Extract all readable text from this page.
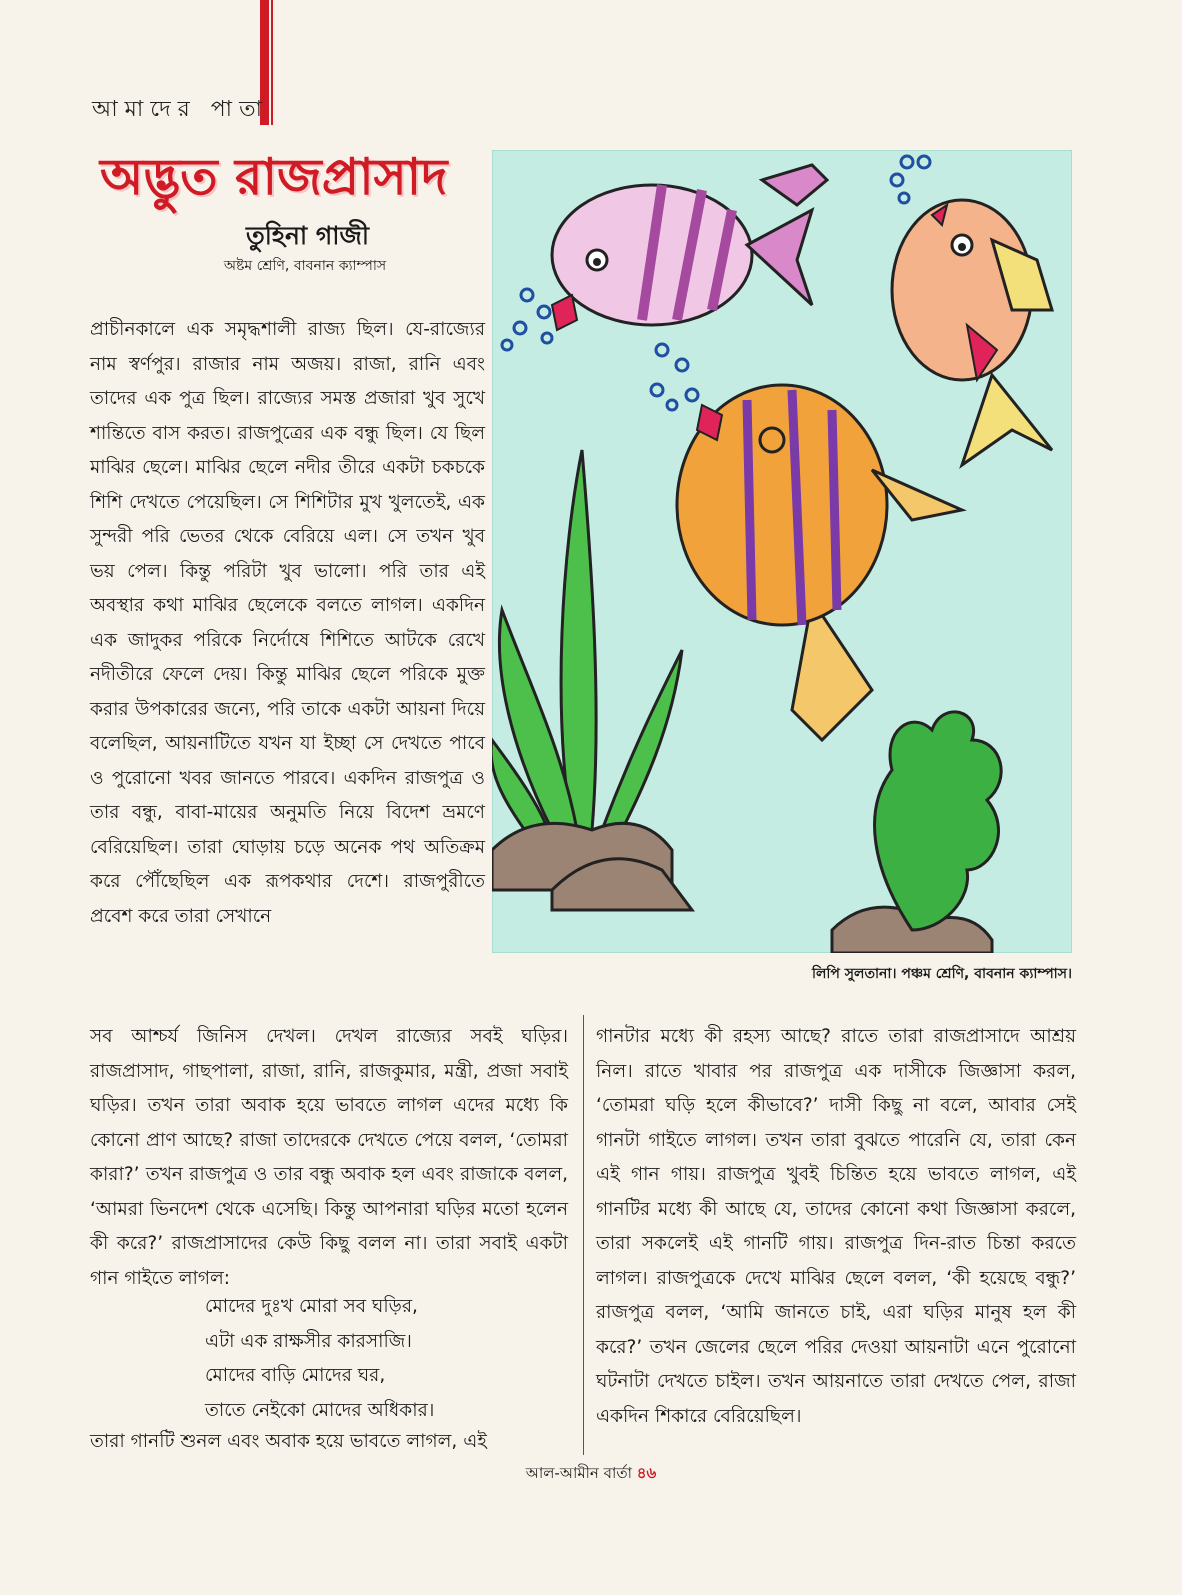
আমাদের পাতা
অদ্ভুত রাজপ্রাসাদ
তুহিনা গাজী
অষ্টম শ্রেণি, বাবনান ক্যাম্পাস

প্রাচীনকালে এক সমৃদ্ধশালী রাজ্য ছিল। যে-রাজ্যের নাম স্বর্ণপুর। রাজার নাম অজয়। রাজা, রানি এবং তাদের এক পুত্র ছিল। রাজ্যের সমস্ত প্রজারা খুব সুখে শান্তিতে বাস করত। রাজপুত্রের এক বন্ধু ছিল। যে ছিল মাঝির ছেলে। মাঝির ছেলে নদীর তীরে একটা চকচকে শিশি দেখতে পেয়েছিল। সে শিশিটার মুখ খুলতেই, এক সুন্দরী পরি ভেতর থেকে বেরিয়ে এল। সে তখন খুব ভয় পেল। কিন্তু পরিটা খুব ভালো। পরি তার এই অবস্থার কথা মাঝির ছেলেকে বলতে লাগল। একদিন এক জাদুকর পরিকে নির্দোষে শিশিতে আটকে রেখে নদীতীরে ফেলে দেয়। কিন্তু মাঝির ছেলে পরিকে মুক্ত করার উপকারের জন্যে, পরি তাকে একটা আয়না দিয়ে বলেছিল, আয়নাটিতে যখন যা ইচ্ছা সে দেখতে পাবে ও পুরোনো খবর জানতে পারবে। একদিন রাজপুত্র ও তার বন্ধু, বাবা-মায়ের অনুমতি নিয়ে বিদেশ ভ্রমণে বেরিয়েছিল। তারা ঘোড়ায় চড়ে অনেক পথ অতিক্রম করে পৌঁছেছিল এক রূপকথার দেশে। রাজপুরীতে প্রবেশ করে তারা সেখানে

লিপি সুলতানা। পঞ্চম শ্রেণি, বাবনান ক্যাম্পাস।

সব আশ্চর্য জিনিস দেখল। দেখল রাজ্যের সবই ঘড়ির। রাজপ্রাসাদ, গাছপালা, রাজা, রানি, রাজকুমার, মন্ত্রী, প্রজা সবাই ঘড়ির। তখন তারা অবাক হয়ে ভাবতে লাগল এদের মধ্যে কি কোনো প্রাণ আছে? রাজা তাদেরকে দেখতে পেয়ে বলল, ‘তোমরা কারা?’ তখন রাজপুত্র ও তার বন্ধু অবাক হল এবং রাজাকে বলল, ‘আমরা ভিনদেশ থেকে এসেছি। কিন্তু আপনারা ঘড়ির মতো হলেন কী করে?’ রাজপ্রাসাদের কেউ কিছু বলল না। তারা সবাই একটা গান গাইতে লাগল:

মোদের দুঃখ মোরা সব ঘড়ির,
এটা এক রাক্ষসীর কারসাজি।
মোদের বাড়ি মোদের ঘর,
তাতে নেইকো মোদের অধিকার।

তারা গানটি শুনল এবং অবাক হয়ে ভাবতে লাগল, এই

গানটার মধ্যে কী রহস্য আছে? রাতে তারা রাজপ্রাসাদে আশ্রয় নিল। রাতে খাবার পর রাজপুত্র এক দাসীকে জিজ্ঞাসা করল, ‘তোমরা ঘড়ি হলে কীভাবে?’ দাসী কিছু না বলে, আবার সেই গানটা গাইতে লাগল। তখন তারা বুঝতে পারেনি যে, তারা কেন এই গান গায়। রাজপুত্র খুবই চিন্তিত হয়ে ভাবতে লাগল, এই গানটির মধ্যে কী আছে যে, তাদের কোনো কথা জিজ্ঞাসা করলে, তারা সকলেই এই গানটি গায়। রাজপুত্র দিন-রাত চিন্তা করতে লাগল। রাজপুত্রকে দেখে মাঝির ছেলে বলল, ‘কী হয়েছে বন্ধু?’ রাজপুত্র বলল, ‘আমি জানতে চাই, এরা ঘড়ির মানুষ হল কী করে?’ তখন জেলের ছেলে পরির দেওয়া আয়নাটা এনে পুরোনো ঘটনাটা দেখতে চাইল। তখন আয়নাতে তারা দেখতে পেল, রাজা একদিন শিকারে বেরিয়েছিল।

আল-আমীন বার্তা ৪৬
